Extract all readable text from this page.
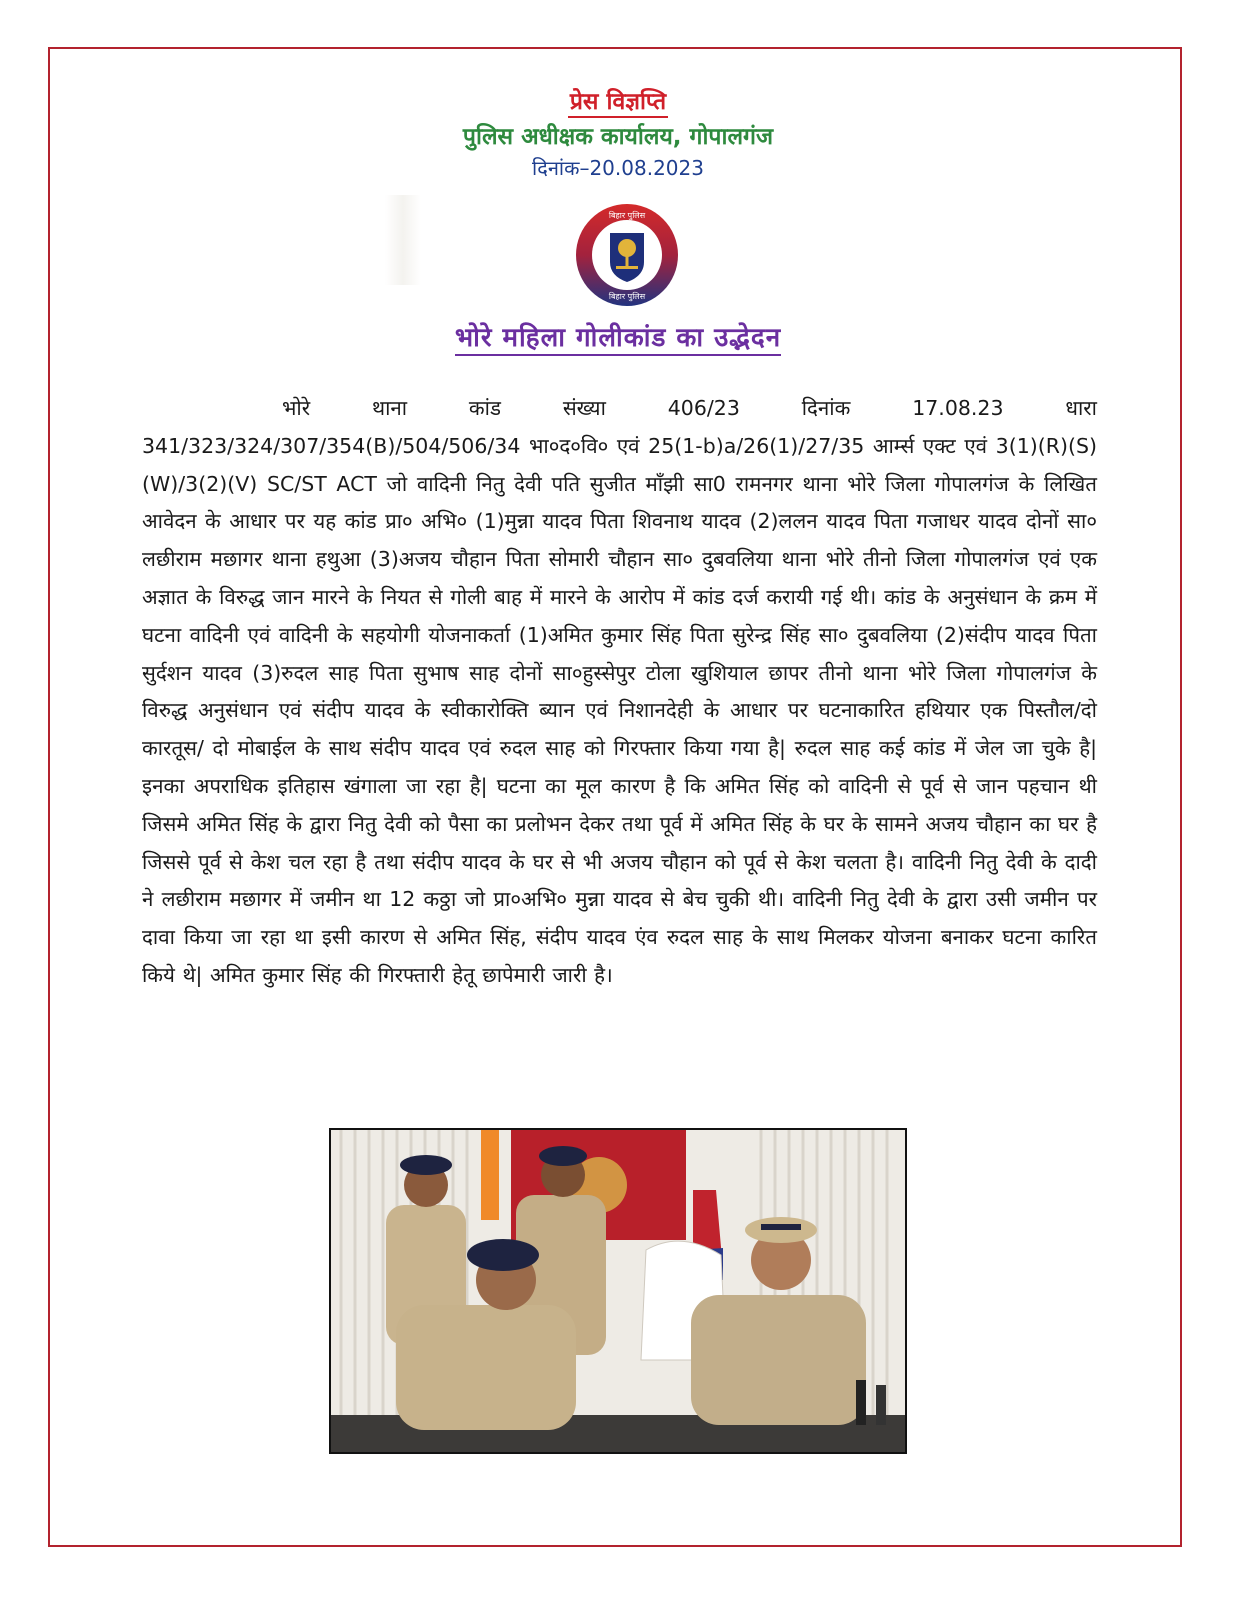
प्रेस विज्ञप्ति
पुलिस अधीक्षक कार्यालय, गोपालगंज
दिनांक–20.08.2023
बिहार पुलिस
बिहार पुलिस
भोरे महिला गोलीकांड का उद्भेदन
भोरे थाना कांड संख्या 406/23 दिनांक 17.08.23 धारा 341/323/324/307/354(B)/504/506/34 भा०द०वि० एवं 25(1-b)a/26(1)/27/35 आर्म्स एक्ट एवं 3(1)(R)(S)(W)/3(2)(V) SC/ST ACT जो वादिनी नितु देवी पति सुजीत माँझी सा0 रामनगर थाना भोरे जिला गोपालगंज के लिखित आवेदन के आधार पर यह कांड प्रा० अभि० (1)मुन्ना यादव पिता शिवनाथ यादव (2)ललन यादव पिता गजाधर यादव दोनों सा० लछीराम मछागर थाना हथुआ (3)अजय चौहान पिता सोमारी चौहान सा० दुबवलिया थाना भोरे तीनो जिला गोपालगंज एवं एक अज्ञात के विरुद्ध जान मारने के नियत से गोली बाह में मारने के आरोप में कांड दर्ज करायी गई थी। कांड के अनुसंधान के क्रम में घटना वादिनी एवं वादिनी के सहयोगी योजनाकर्ता (1)अमित कुमार सिंह पिता सुरेन्द्र सिंह सा० दुबवलिया (2)संदीप यादव पिता सुर्दशन यादव (3)रुदल साह पिता सुभाष साह दोनों सा०हुस्सेपुर टोला खुशियाल छापर तीनो थाना भोरे जिला गोपालगंज के विरुद्ध अनुसंधान एवं संदीप यादव के स्वीकारोक्ति ब्यान एवं निशानदेही के आधार पर घटनाकारित हथियार एक पिस्तौल/दो कारतूस/ दो मोबाईल के साथ संदीप यादव एवं रुदल साह को गिरफ्तार किया गया है| रुदल साह कई कांड में जेल जा चुके है| इनका अपराधिक इतिहास खंगाला जा रहा है| घटना का मूल कारण है कि अमित सिंह को वादिनी से पूर्व से जान पहचान थी जिसमे अमित सिंह के द्वारा नितु देवी को पैसा का प्रलोभन देकर तथा पूर्व में अमित सिंह के घर के सामने अजय चौहान का घर है जिससे पूर्व से केश चल रहा है तथा संदीप यादव के घर से भी अजय चौहान को पूर्व से केश चलता है। वादिनी नितु देवी के दादी ने लछीराम मछागर में जमीन था 12 कठ्ठा जो प्रा०अभि० मुन्ना यादव से बेच चुकी थी। वादिनी नितु देवी के द्वारा उसी जमीन पर दावा किया जा रहा था इसी कारण से अमित सिंह, संदीप यादव एंव रुदल साह के साथ मिलकर योजना बनाकर घटना कारित किये थे| अमित कुमार सिंह की गिरफ्तारी हेतू छापेमारी जारी है।
